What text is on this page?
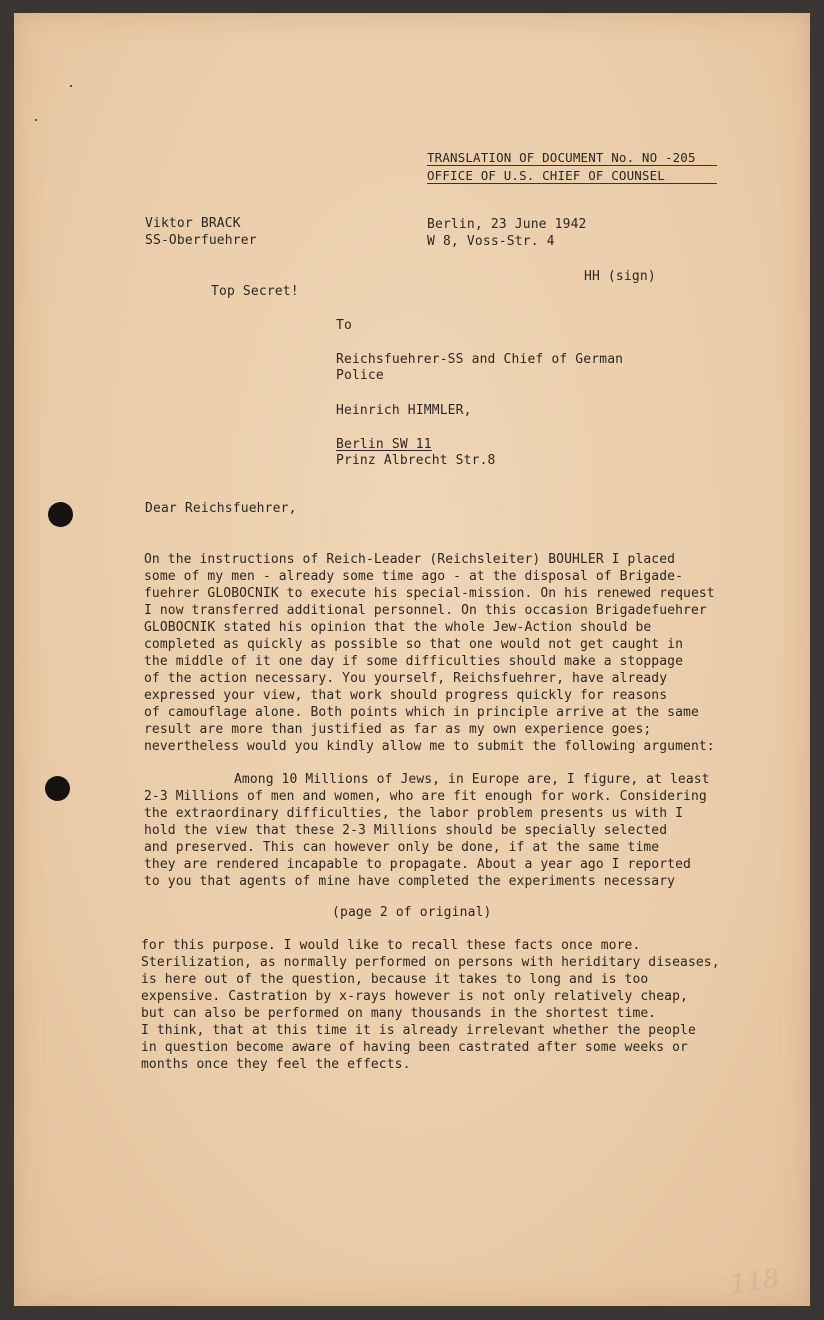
TRANSLATION OF DOCUMENT No. NO -205
OFFICE OF U.S. CHIEF OF COUNSEL
Viktor BRACK
SS-Oberfuehrer
Berlin, 23 June 1942
W 8, Voss-Str. 4
HH (sign)
Top Secret!
To
Reichsfuehrer-SS and Chief of German
Police
Heinrich HIMMLER,
Berlin SW 11
Prinz Albrecht Str.8
Dear Reichsfuehrer,
On the instructions of Reich-Leader (Reichsleiter) BOUHLER I placed
some of my men - already some time ago - at the disposal of Brigade-
fuehrer GLOBOCNIK to execute his special-mission. On his renewed request
I now transferred additional personnel. On this occasion Brigadefuehrer
GLOBOCNIK stated his opinion that the whole Jew-Action should be
completed as quickly as possible so that one would not get caught in
the middle of it one day if some difficulties should make a stoppage
of the action necessary. You yourself, Reichsfuehrer, have already
expressed your view, that work should progress quickly for reasons
of camouflage alone. Both points which in principle arrive at the same
result are more than justified as far as my own experience goes;
nevertheless would you kindly allow me to submit the following argument:
Among 10 Millions of Jews, in Europe are, I figure, at least
2-3 Millions of men and women, who are fit enough for work. Considering
the extraordinary difficulties, the labor problem presents us with I
hold the view that these 2-3 Millions should be specially selected
and preserved. This can however only be done, if at the same time
they are rendered incapable to propagate. About a year ago I reported
to you that agents of mine have completed the experiments necessary
(page 2 of original)
for this purpose. I would like to recall these facts once more.
Sterilization, as normally performed on persons with heriditary diseases,
is here out of the question, because it takes to long and is too
expensive. Castration by x-rays however is not only relatively cheap,
but can also be performed on many thousands in the shortest time.
I think, that at this time it is already irrelevant whether the people
in question become aware of having been castrated after some weeks or
months once they feel the effects.
118
